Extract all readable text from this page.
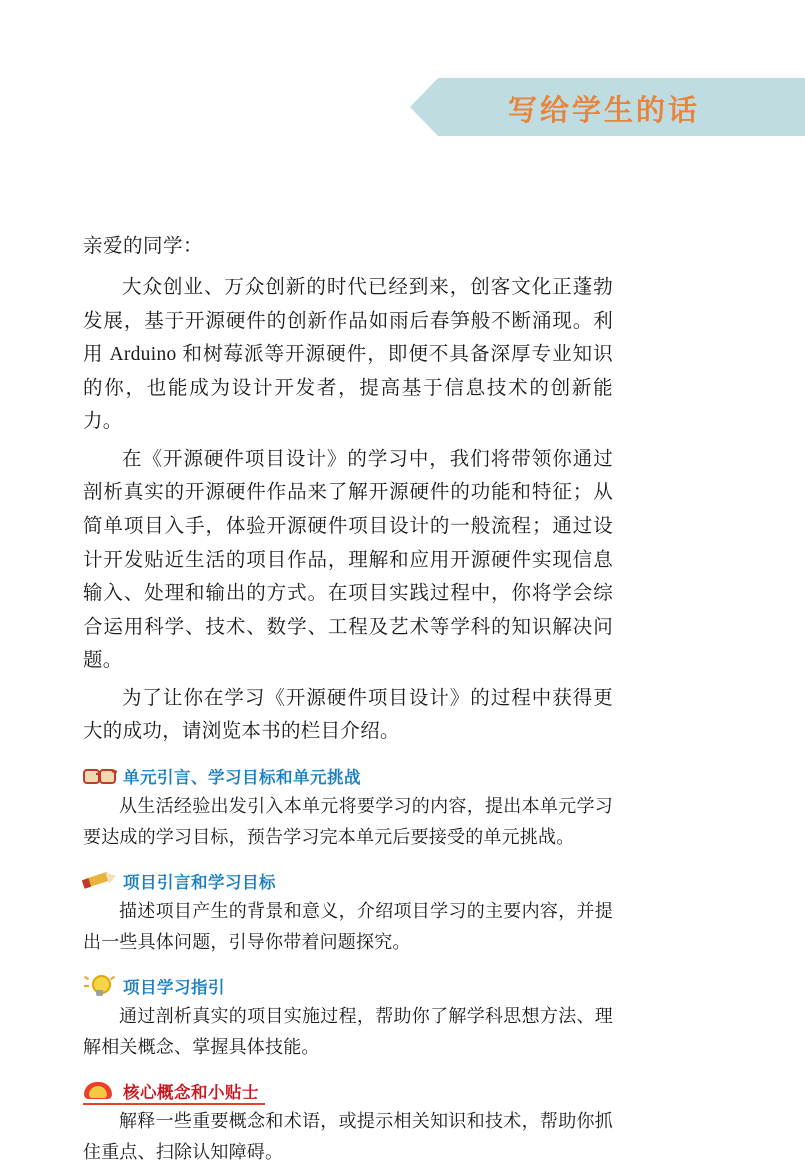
写给学生的话
亲爱的同学：

大众创业、万众创新的时代已经到来，创客文化正蓬勃发展，基于开源硬件的创新作品如雨后春笋般不断涌现。利用 Arduino 和树莓派等开源硬件，即便不具备深厚专业知识的你，也能成为设计开发者，提高基于信息技术的创新能力。

在《开源硬件项目设计》的学习中，我们将带领你通过剖析真实的开源硬件作品来了解开源硬件的功能和特征；从简单项目入手，体验开源硬件项目设计的一般流程；通过设计开发贴近生活的项目作品，理解和应用开源硬件实现信息输入、处理和输出的方式。在项目实践过程中，你将学会综合运用科学、技术、数学、工程及艺术等学科的知识解决问题。

为了让你在学习《开源硬件项目设计》的过程中获得更大的成功，请浏览本书的栏目介绍。

单元引言、学习目标和单元挑战

从生活经验出发引入本单元将要学习的内容，提出本单元学习要达成的学习目标，预告学习完本单元后要接受的单元挑战。

项目引言和学习目标

描述项目产生的背景和意义，介绍项目学习的主要内容，并提出一些具体问题，引导你带着问题探究。

项目学习指引

通过剖析真实的项目实施过程，帮助你了解学科思想方法、理解相关概念、掌握具体技能。

核心概念和小贴士

解释一些重要概念和术语，或提示相关知识和技术，帮助你抓住重点、扫除认知障碍。
